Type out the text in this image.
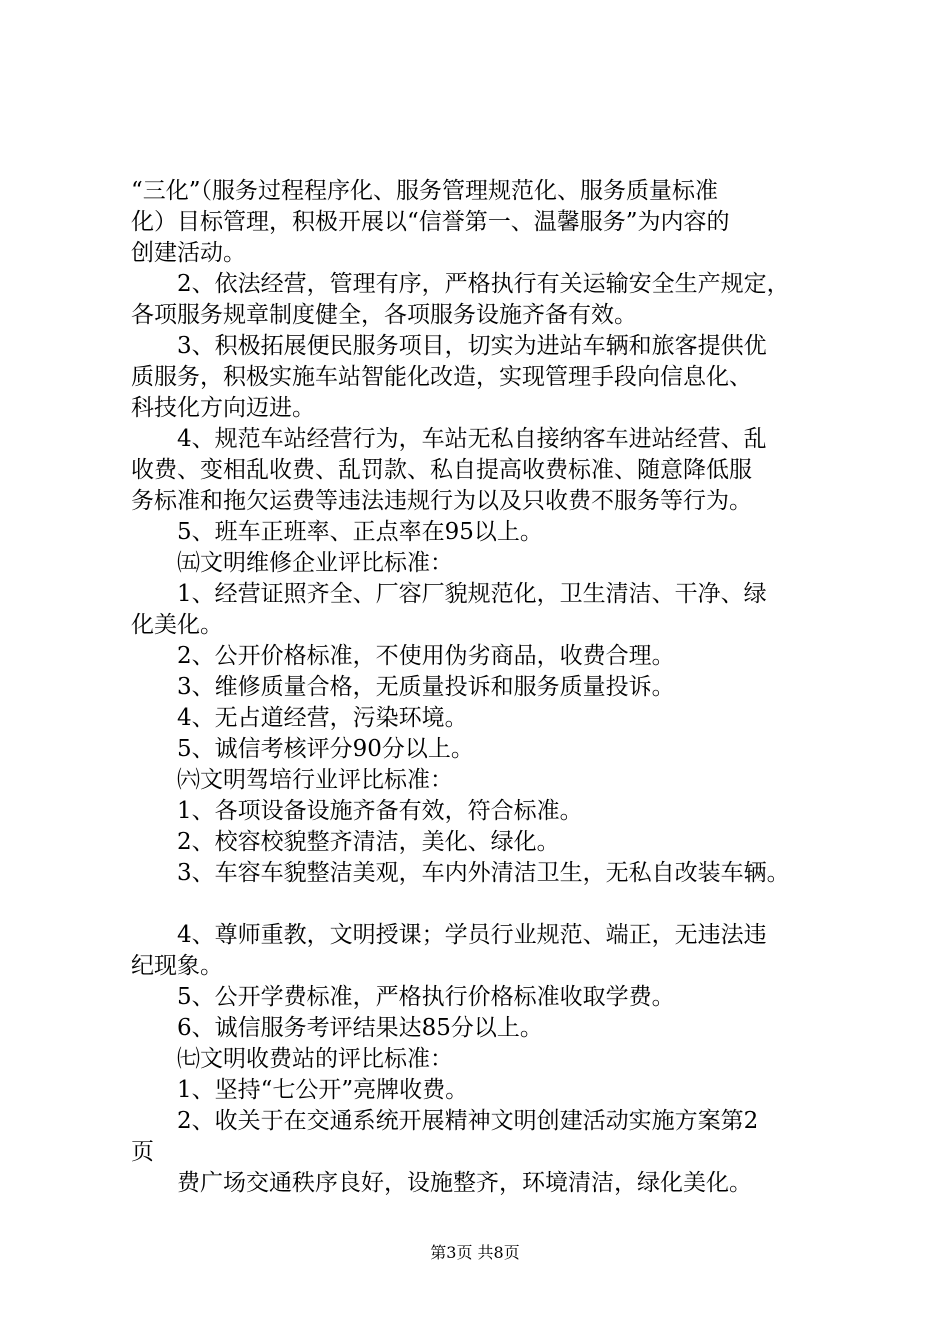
“三化”（服务过程程序化、服务管理规范化、服务质量标准
化）目标管理，积极开展以“信誉第一、温馨服务”为内容的
创建活动。
2、依法经营，管理有序，严格执行有关运输安全生产规定，
各项服务规章制度健全，各项服务设施齐备有效。
3、积极拓展便民服务项目，切实为进站车辆和旅客提供优
质服务，积极实施车站智能化改造，实现管理手段向信息化、
科技化方向迈进。
4、规范车站经营行为，车站无私自接纳客车进站经营、乱
收费、变相乱收费、乱罚款、私自提高收费标准、随意降低服
务标准和拖欠运费等违法违规行为以及只收费不服务等行为。
5、班车正班率、正点率在95以上。
㈤文明维修企业评比标准：
1、经营证照齐全、厂容厂貌规范化，卫生清洁、干净、绿
化美化。
2、公开价格标准，不使用伪劣商品，收费合理。
3、维修质量合格，无质量投诉和服务质量投诉。
4、无占道经营，污染环境。
5、诚信考核评分90分以上。
㈥文明驾培行业评比标准：
1、各项设备设施齐备有效，符合标准。
2、校容校貌整齐清洁，美化、绿化。
3、车容车貌整洁美观，车内外清洁卫生，无私自改装车辆。
4、尊师重教，文明授课；学员行业规范、端正，无违法违
纪现象。
5、公开学费标准，严格执行价格标准收取学费。
6、诚信服务考评结果达85分以上。
㈦文明收费站的评比标准：
1、坚持“七公开”亮牌收费。
2、收关于在交通系统开展精神文明创建活动实施方案第2
页
费广场交通秩序良好，设施整齐，环境清洁，绿化美化。
第3页 共8页
